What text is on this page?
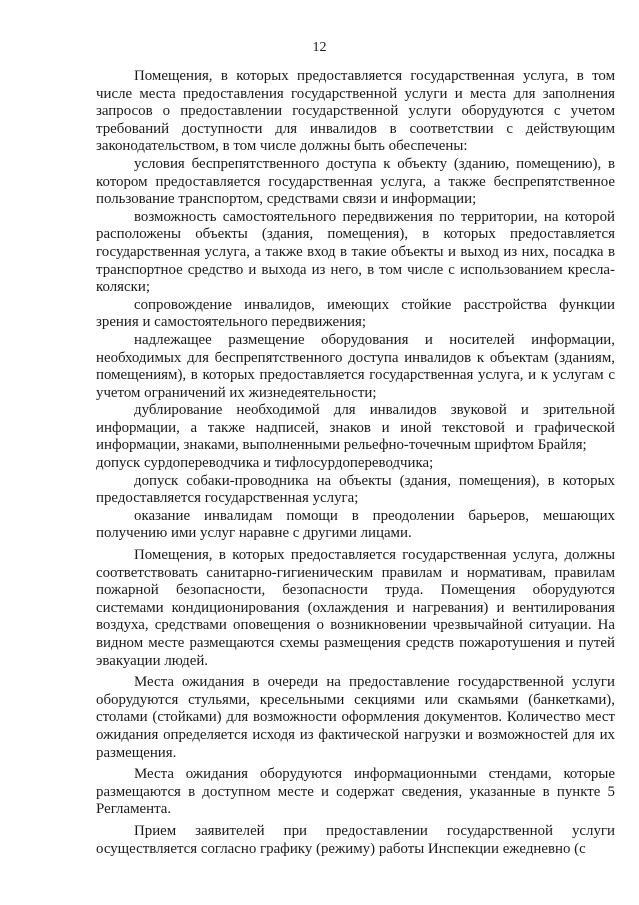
12

Помещения, в которых предоставляется государственная услуга, в том числе места предоставления государственной услуги и места для заполнения запросов о предоставлении государственной услуги оборудуются с учетом требований доступности для инвалидов в соответствии с действующим законодательством, в том числе должны быть обеспечены:

условия беспрепятственного доступа к объекту (зданию, помещению), в котором предоставляется государственная услуга, а также беспрепятственное пользование транспортом, средствами связи и информации;

возможность самостоятельного передвижения по территории, на которой расположены объекты (здания, помещения), в которых предоставляется государственная услуга, а также вход в такие объекты и выход из них, посадка в транспортное средство и выхода из него, в том числе с использованием кресла-коляски;

сопровождение инвалидов, имеющих стойкие расстройства функции зрения и самостоятельного передвижения;

надлежащее размещение оборудования и носителей информации, необходимых для беспрепятственного доступа инвалидов к объектам (зданиям, помещениям), в которых предоставляется государственная услуга, и к услугам с учетом ограничений их жизнедеятельности;

дублирование необходимой для инвалидов звуковой и зрительной информации, а также надписей, знаков и иной текстовой и графической информации, знаками, выполненными рельефно-точечным шрифтом Брайля;

допуск сурдопереводчика и тифлосурдопереводчика;

допуск собаки-проводника на объекты (здания, помещения), в которых предоставляется государственная услуга;

оказание инвалидам помощи в преодолении барьеров, мешающих получению ими услуг наравне с другими лицами.

Помещения, в которых предоставляется государственная услуга, должны соответствовать санитарно-гигиеническим правилам и нормативам, правилам пожарной безопасности, безопасности труда. Помещения оборудуются системами кондиционирования (охлаждения и нагревания) и вентилирования воздуха, средствами оповещения о возникновении чрезвычайной ситуации. На видном месте размещаются схемы размещения средств пожаротушения и путей эвакуации людей.

Места ожидания в очереди на предоставление государственной услуги оборудуются стульями, кресельными секциями или скамьями (банкетками), столами (стойками) для возможности оформления документов. Количество мест ожидания определяется исходя из фактической нагрузки и возможностей для их размещения.

Места ожидания оборудуются информационными стендами, которые размещаются в доступном месте и содержат сведения, указанные в пункте 5 Регламента.

Прием заявителей при предоставлении государственной услуги осуществляется согласно графику (режиму) работы Инспекции ежедневно (с
